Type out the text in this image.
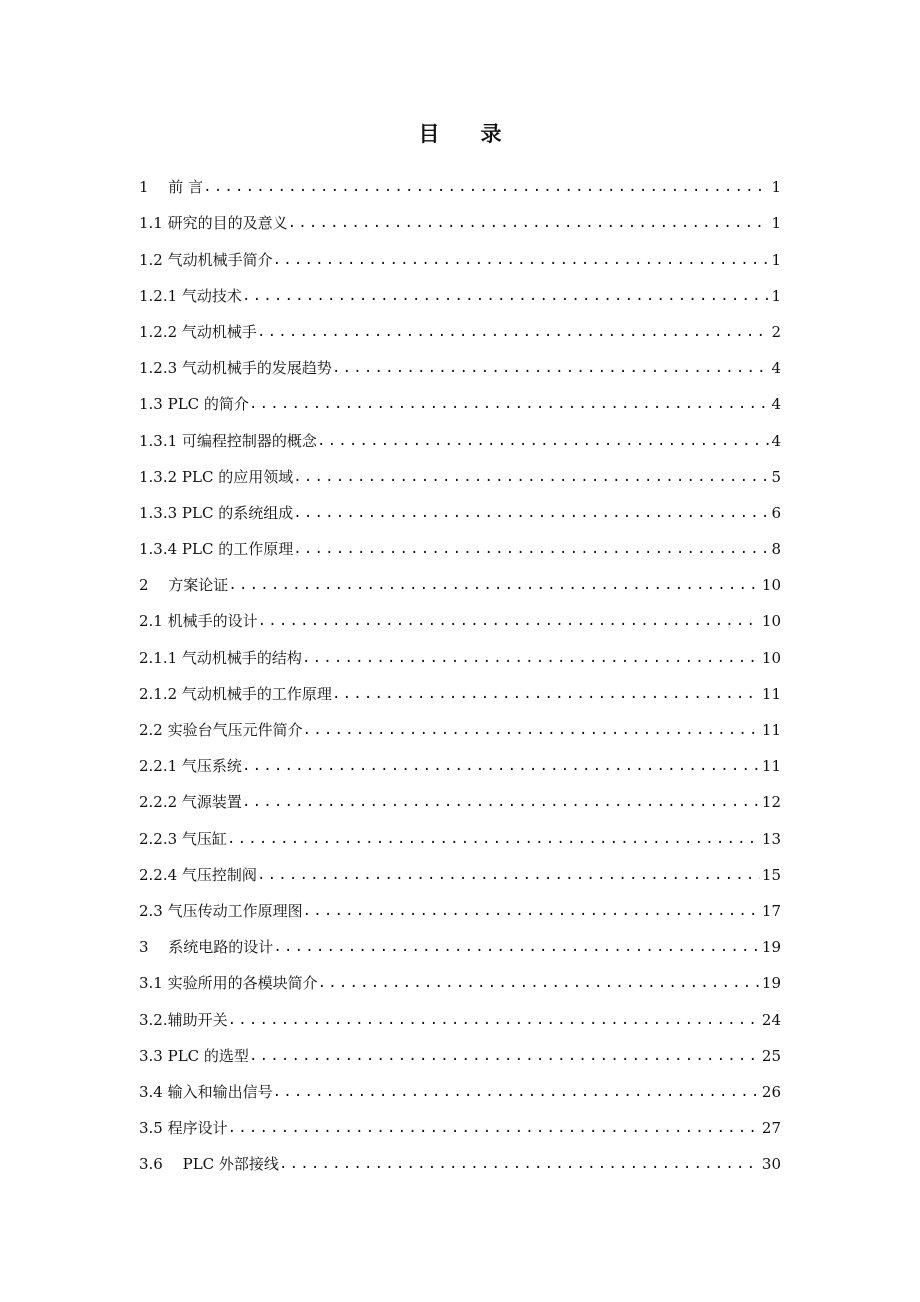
目　录
1　 前 言 .....	1
1.1 研究的目的及意义 .....	1
1.2 气动机械手简介 .....	1
1.2.1 气动技术 .....	1
1.2.2 气动机械手 .....	2
1.2.3 气动机械手的发展趋势 .....	4
1.3 PLC 的简介 .....	4
1.3.1 可编程控制器的概念 .....	4
1.3.2 PLC 的应用领域 .....	5
1.3.3 PLC 的系统组成 .....	6
1.3.4 PLC 的工作原理 .....	8
2　 方案论证 .....	10
2.1 机械手的设计 .....	10
2.1.1 气动机械手的结构 .....	10
2.1.2 气动机械手的工作原理 .....	11
2.2 实验台气压元件简介 .....	11
2.2.1 气压系统 .....	11
2.2.2 气源装置 .....	12
2.2.3 气压缸 .....	13
2.2.4 气压控制阀 .....	15
2.3 气压传动工作原理图 .....	17
3　 系统电路的设计 .....	19
3.1 实验所用的各模块简介 .....	19
3.2.辅助开关 .....	24
3.3 PLC 的选型 .....	25
3.4 输入和输出信号 .....	26
3.5 程序设计 .....	27
3.6　 PLC 外部接线 .....	30
